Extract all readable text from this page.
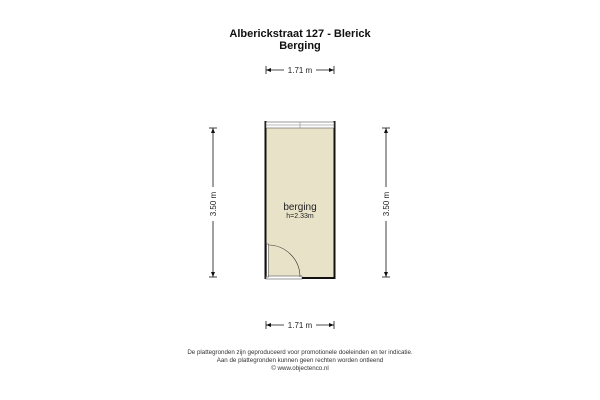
Alberickstraat 127 - Blerick
Berging
1.71 m
1.71 m
3.50 m	3.50 m
berging
h=2.33m
De plattegronden zijn geproduceerd voor promotionele doeleinden en ter indicatie.
Aan de plattegronden kunnen geen rechten worden ontleend
© www.objectenco.nl
